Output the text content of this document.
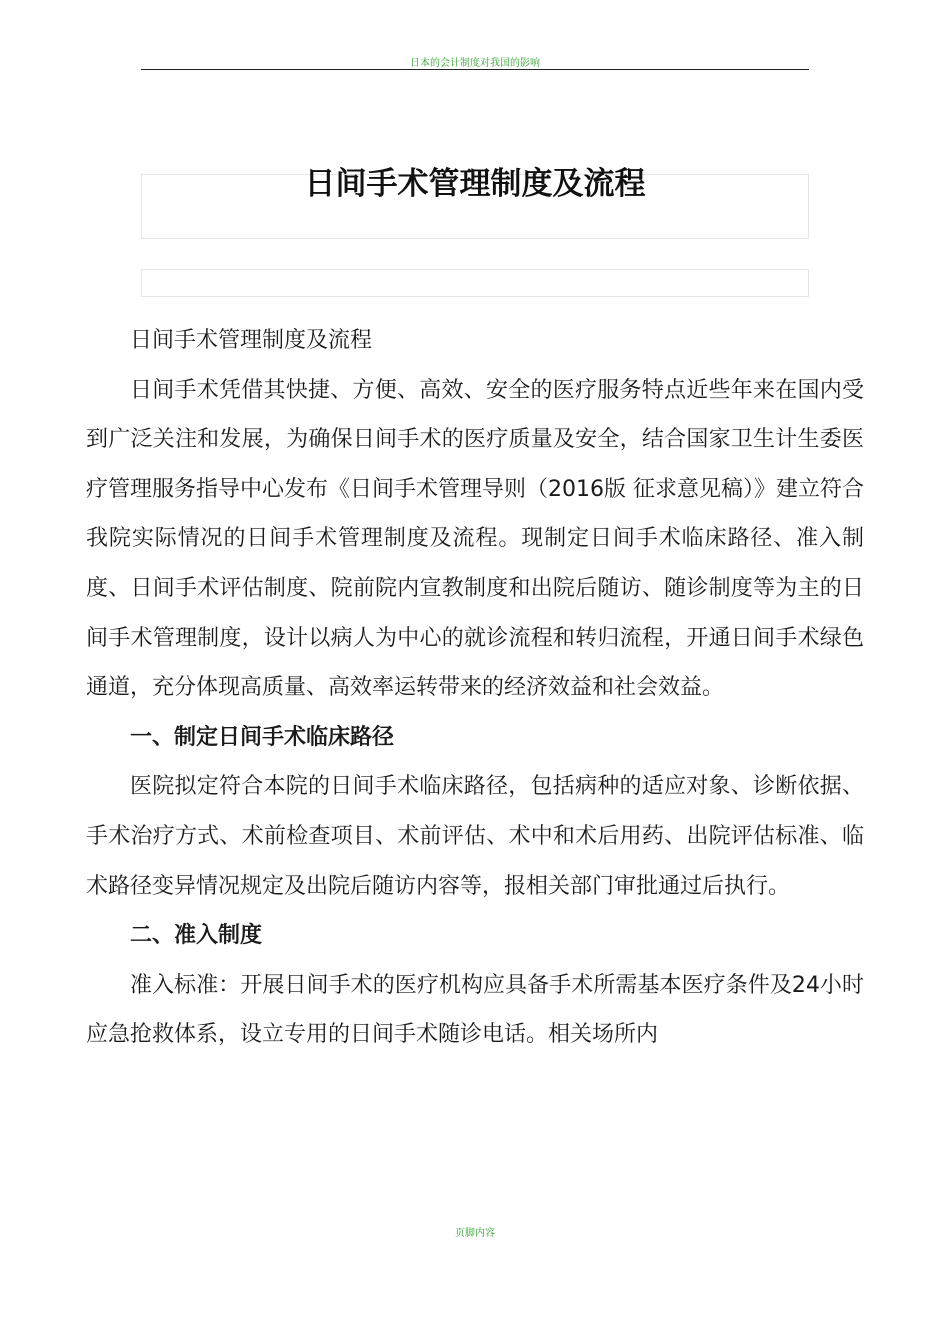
日本的会计制度对我国的影响
日间手术管理制度及流程

日间手术管理制度及流程

日间手术凭借其快捷、方便、高效、安全的医疗服务特点近些年来在国内受到广泛关注和发展，为确保日间手术的医疗质量及安全，结合国家卫生计生委医疗管理服务指导中心发布《日间手术管理导则（2016版 征求意见稿）》建立符合我院实际情况的日间手术管理制度及流程。现制定日间手术临床路径、准入制度、日间手术评估制度、院前院内宣教制度和出院后随访、随诊制度等为主的日间手术管理制度，设计以病人为中心的就诊流程和转归流程，开通日间手术绿色通道，充分体现高质量、高效率运转带来的经济效益和社会效益。

一、制定日间手术临床路径

医院拟定符合本院的日间手术临床路径，包括病种的适应对象、诊断依据、手术治疗方式、术前检查项目、术前评估、术中和术后用药、出院评估标准、临术路径变异情况规定及出院后随访内容等，报相关部门审批通过后执行。

二、准入制度

准入标准：开展日间手术的医疗机构应具备手术所需基本医疗条件及24小时应急抢救体系，设立专用的日间手术随诊电话。相关场所内

页脚内容
